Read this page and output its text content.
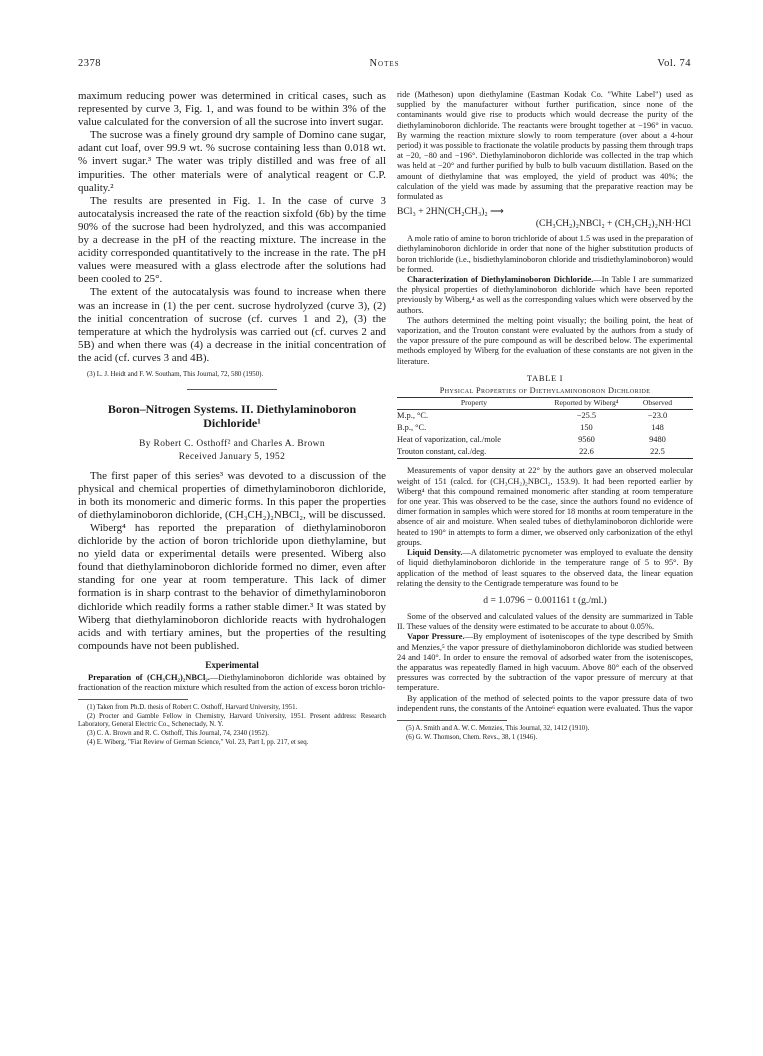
2378	Notes	Vol. 74

maximum reducing power was determined in critical cases, such as represented by curve 3, Fig. 1, and was found to be within 3% of the value calculated for the conversion of all the sucrose into invert sugar.

The sucrose was a finely ground dry sample of Domino cane sugar, adant cut loaf, over 99.9 wt. % sucrose containing less than 0.018 wt. % invert sugar.³ The water was triply distilled and was free of all impurities. The other materials were of analytical reagent or C.P. quality.²

The results are presented in Fig. 1. In the case of curve 3 autocatalysis increased the rate of the reaction sixfold (6b) by the time 90% of the sucrose had been hydrolyzed, and this was accompanied by a decrease in the pH of the reacting mixture. The increase in the acidity corresponded quantitatively to the increase in the rate. The pH values were measured with a glass electrode after the solutions had been cooled to 25°.

The extent of the autocatalysis was found to increase when there was an increase in (1) the per cent. sucrose hydrolyzed (curve 3), (2) the initial concentration of sucrose (cf. curves 1 and 2), (3) the temperature at which the hydrolysis was carried out (cf. curves 2 and 5B) and when there was (4) a decrease in the initial concentration of the acid (cf. curves 3 and 4B).

(3) L. J. Heidt and F. W. Southam, This Journal, 72, 580 (1950).

Boron–Nitrogen Systems. II. Diethylaminoboron Dichloride¹

By Robert C. Osthoff² and Charles A. Brown
Received January 5, 1952

The first paper of this series³ was devoted to a discussion of the physical and chemical properties of dimethylaminoboron dichloride, in both its monomeric and dimeric forms. In this paper the properties of diethylaminoboron dichloride, (CH₃CH₂)₂NBCl₂, will be discussed.

Wiberg⁴ has reported the preparation of diethylaminoboron dichloride by the action of boron trichloride upon diethylamine, but no yield data or experimental details were presented. Wiberg also found that diethylaminoboron dichloride formed no dimer, even after standing for one year at room temperature. This lack of dimer formation is in sharp contrast to the behavior of dimethylaminoboron dichloride which readily forms a rather stable dimer.³ It was stated by Wiberg that diethylaminoboron dichloride reacts with hydrohalogen acids and with tertiary amines, but the properties of the resulting compounds have not been published.

Experimental

Preparation of (CH₃CH₂)₂NBCl₂.—Diethylaminoboron dichloride was obtained by fractionation of the reaction mixture which resulted from the action of excess boron trichlo-

(1) Taken from Ph.D. thesis of Robert C. Osthoff, Harvard University, 1951.

(2) Procter and Gamble Fellow in Chemistry, Harvard University, 1951. Present address: Research Laboratory, General Electric Co., Schenectady, N. Y.

(3) C. A. Brown and R. C. Osthoff, This Journal, 74, 2340 (1952).

(4) E. Wiberg, "Fiat Review of German Science," Vol. 23, Part I, pp. 217, et seq.

ride (Matheson) upon diethylamine (Eastman Kodak Co. "White Label") used as supplied by the manufacturer without further purification, since none of the contaminants would give rise to products which would decrease the purity of the diethylaminoboron dichloride. The reactants were brought together at −196° in vacuo. By warming the reaction mixture slowly to room temperature (over about a 4-hour period) it was possible to fractionate the volatile products by passing them through traps at −20, −80 and −196°. Diethylaminoboron dichloride was collected in the trap which was held at −20° and further purified by bulb to bulb vacuum distillation. Based on the amount of diethylamine that was employed, the yield of product was 40%; the calculation of the yield was made by assuming that the preparative reaction may be formulated as

BCl₃ + 2HN(CH₂CH₃)₂ ⟶
(CH₃CH₂)₂NBCl₂ + (CH₃CH₂)₂NH·HCl

A mole ratio of amine to boron trichloride of about 1.5 was used in the preparation of diethylaminoboron dichloride in order that none of the higher substitution products of boron trichloride (i.e., bisdiethylaminoboron chloride and trisdiethylaminoboron) would be formed.

Characterization of Diethylaminoboron Dichloride.—In Table I are summarized the physical properties of diethylaminoboron dichloride which have been reported previously by Wiberg,⁴ as well as the corresponding values which were observed by the authors.

The authors determined the melting point visually; the boiling point, the heat of vaporization, and the Trouton constant were evaluated by the authors from a study of the vapor pressure of the pure compound as will be described below. The experimental methods employed by Wiberg for the evaluation of these constants are not given in the literature.

TABLE I
Physical Properties of Diethylaminoboron Dichloride
Property	Reported by Wiberg⁴	Observed
M.p., °C.	−25.5	−23.0
B.p., °C.	150	148
Heat of vaporization, cal./mole	9560	9480
Trouton constant, cal./deg.	22.6	22.5

Measurements of vapor density at 22° by the authors gave an observed molecular weight of 151 (calcd. for (CH₃CH₂)₂NBCl₂, 153.9). It had been reported earlier by Wiberg⁴ that this compound remained monomeric after standing at room temperature for one year. This was observed to be the case, since the authors found no evidence of dimer formation in samples which were stored for 18 months at room temperature in the absence of air and moisture. When sealed tubes of diethylaminoboron dichloride were heated to 190° in attempts to form a dimer, we observed only carbonization of the ethyl groups.

Liquid Density.—A dilatometric pycnometer was employed to evaluate the density of liquid diethylaminoboron dichloride in the temperature range of 5 to 95°. By application of the method of least squares to the observed data, the linear equation relating the density to the Centigrade temperature was found to be

d = 1.0796 − 0.001161 t (g./ml.)

Some of the observed and calculated values of the density are summarized in Table II. These values of the density were estimated to be accurate to about 0.05%.

Vapor Pressure.—By employment of isoteniscopes of the type described by Smith and Menzies,⁵ the vapor pressure of diethylaminoboron dichloride was studied between 24 and 140°. In order to ensure the removal of adsorbed water from the isoteniscopes, the apparatus was repeatedly flamed in high vacuum. Above 80° each of the observed pressures was corrected by the subtraction of the vapor pressure of mercury at that temperature.

By application of the method of selected points to the vapor pressure data of two independent runs, the constants of the Antoine⁶ equation were evaluated. Thus the vapor

(5) A. Smith and A. W. C. Menzies, This Journal, 32, 1412 (1910).

(6) G. W. Thomson, Chem. Revs., 38, 1 (1946).
